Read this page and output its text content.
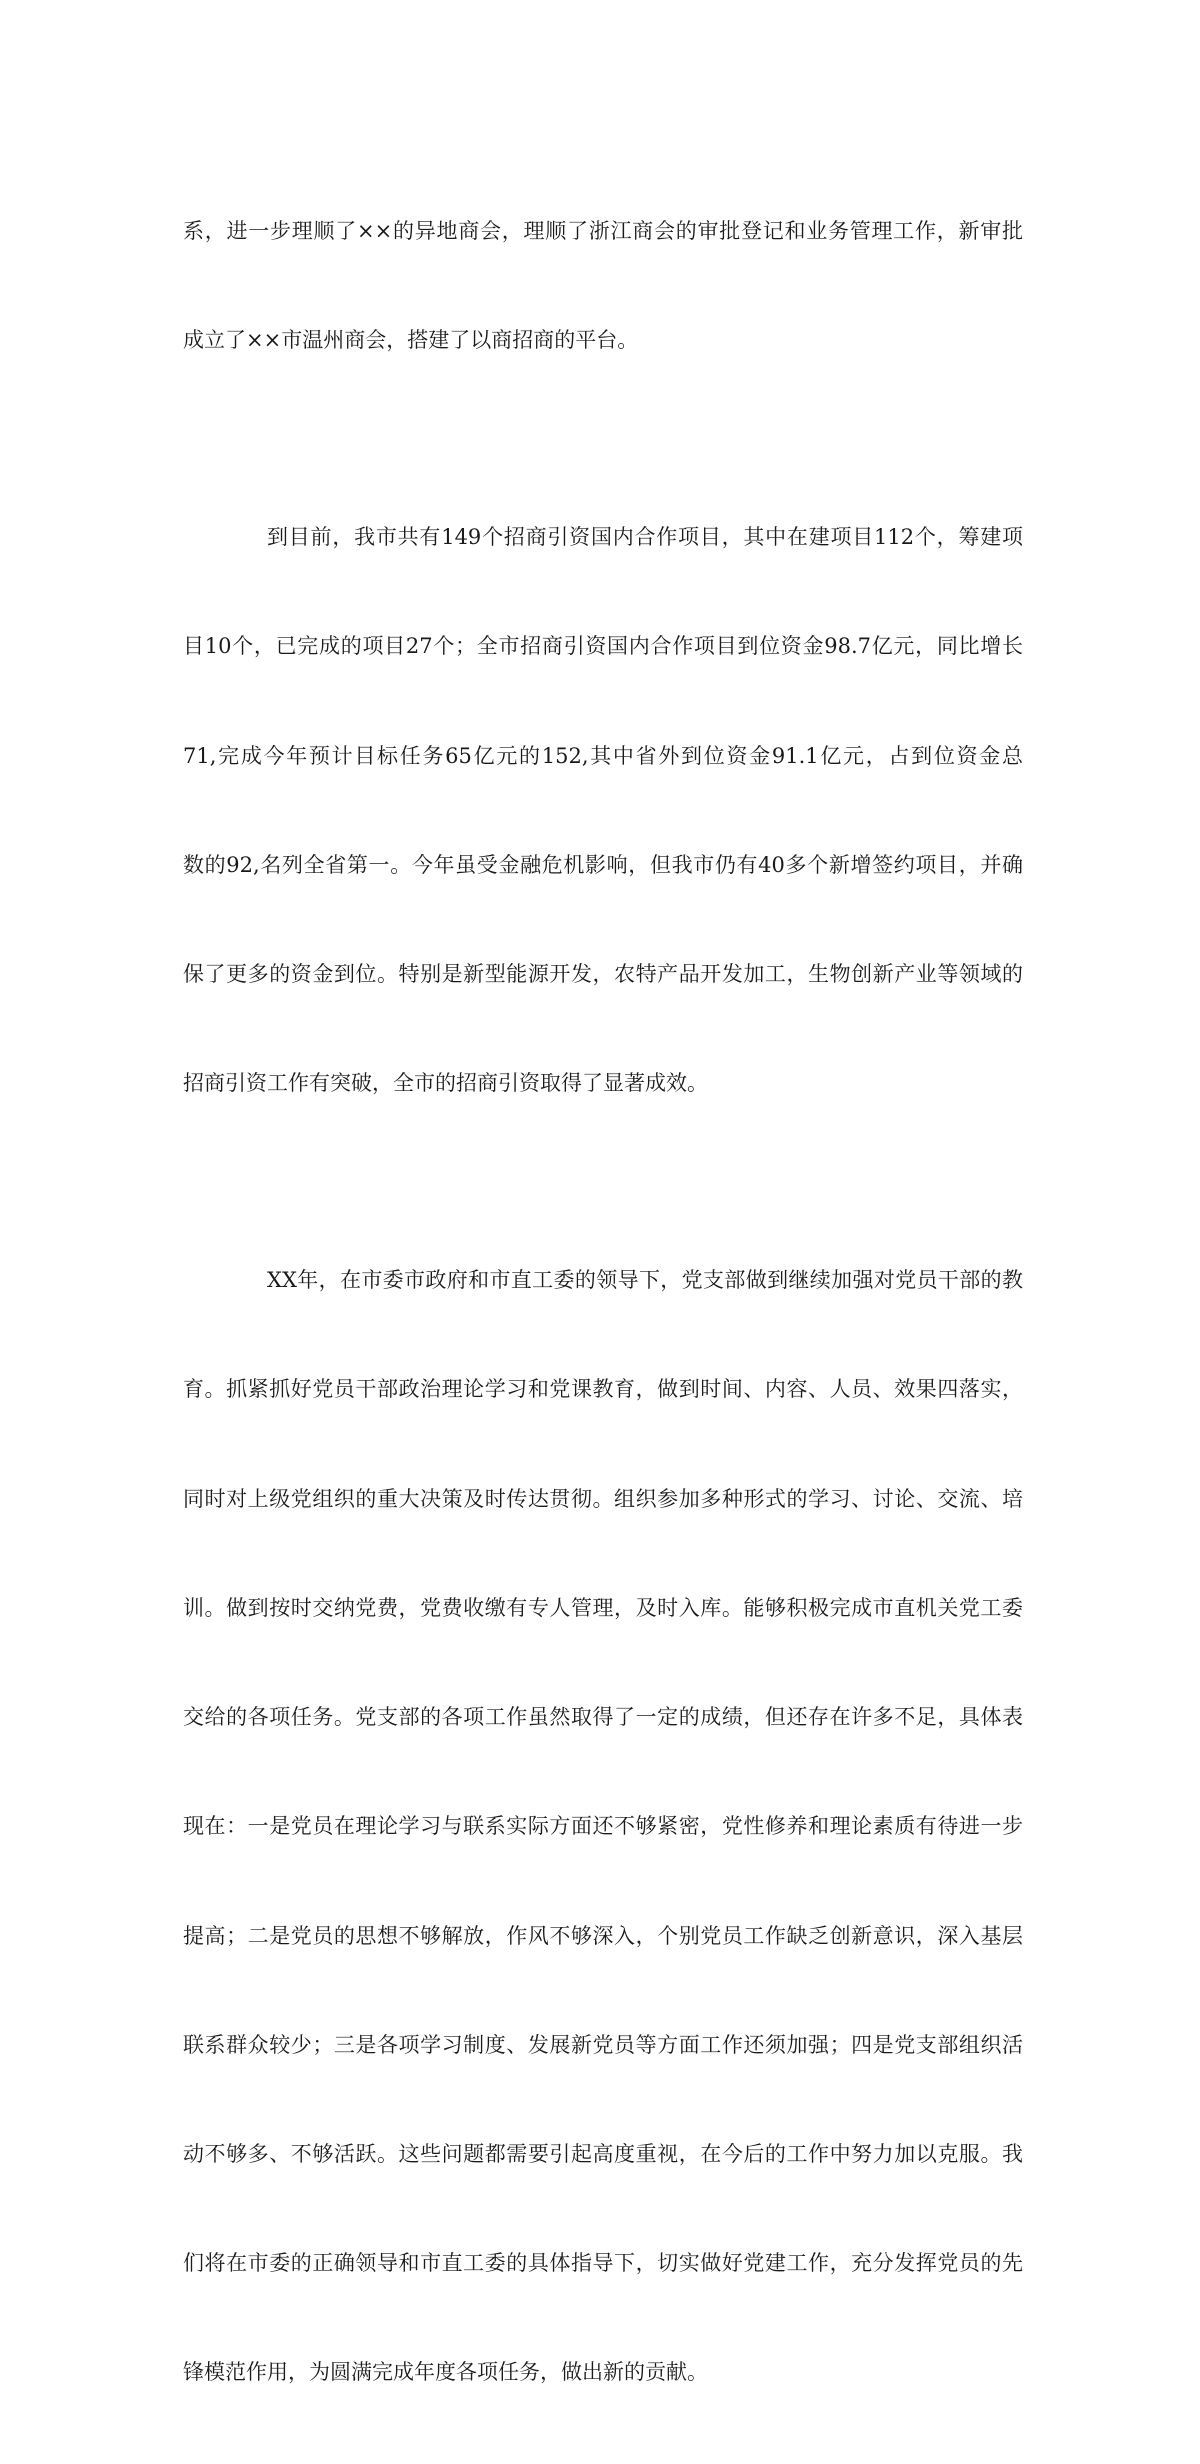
系，进一步理顺了××的异地商会，理顺了浙江商会的审批登记和业务管理工作，新审批

成立了××市温州商会，搭建了以商招商的平台。

到目前，我市共有149个招商引资国内合作项目，其中在建项目112个，筹建项

目10个，已完成的项目27个；全市招商引资国内合作项目到位资金98.7亿元，同比增长

71,完成今年预计目标任务65亿元的152,其中省外到位资金91.1亿元，占到位资金总

数的92,名列全省第一。今年虽受金融危机影响，但我市仍有40多个新增签约项目，并确

保了更多的资金到位。特别是新型能源开发，农特产品开发加工，生物创新产业等领域的

招商引资工作有突破，全市的招商引资取得了显著成效。

XX年，在市委市政府和市直工委的领导下，党支部做到继续加强对党员干部的教

育。抓紧抓好党员干部政治理论学习和党课教育，做到时间、内容、人员、效果四落实，

同时对上级党组织的重大决策及时传达贯彻。组织参加多种形式的学习、讨论、交流、培

训。做到按时交纳党费，党费收缴有专人管理，及时入库。能够积极完成市直机关党工委

交给的各项任务。党支部的各项工作虽然取得了一定的成绩，但还存在许多不足，具体表

现在：一是党员在理论学习与联系实际方面还不够紧密，党性修养和理论素质有待进一步

提高；二是党员的思想不够解放，作风不够深入，个别党员工作缺乏创新意识，深入基层

联系群众较少；三是各项学习制度、发展新党员等方面工作还须加强；四是党支部组织活

动不够多、不够活跃。这些问题都需要引起高度重视，在今后的工作中努力加以克服。我

们将在市委的正确领导和市直工委的具体指导下，切实做好党建工作，充分发挥党员的先

锋模范作用，为圆满完成年度各项任务，做出新的贡献。
